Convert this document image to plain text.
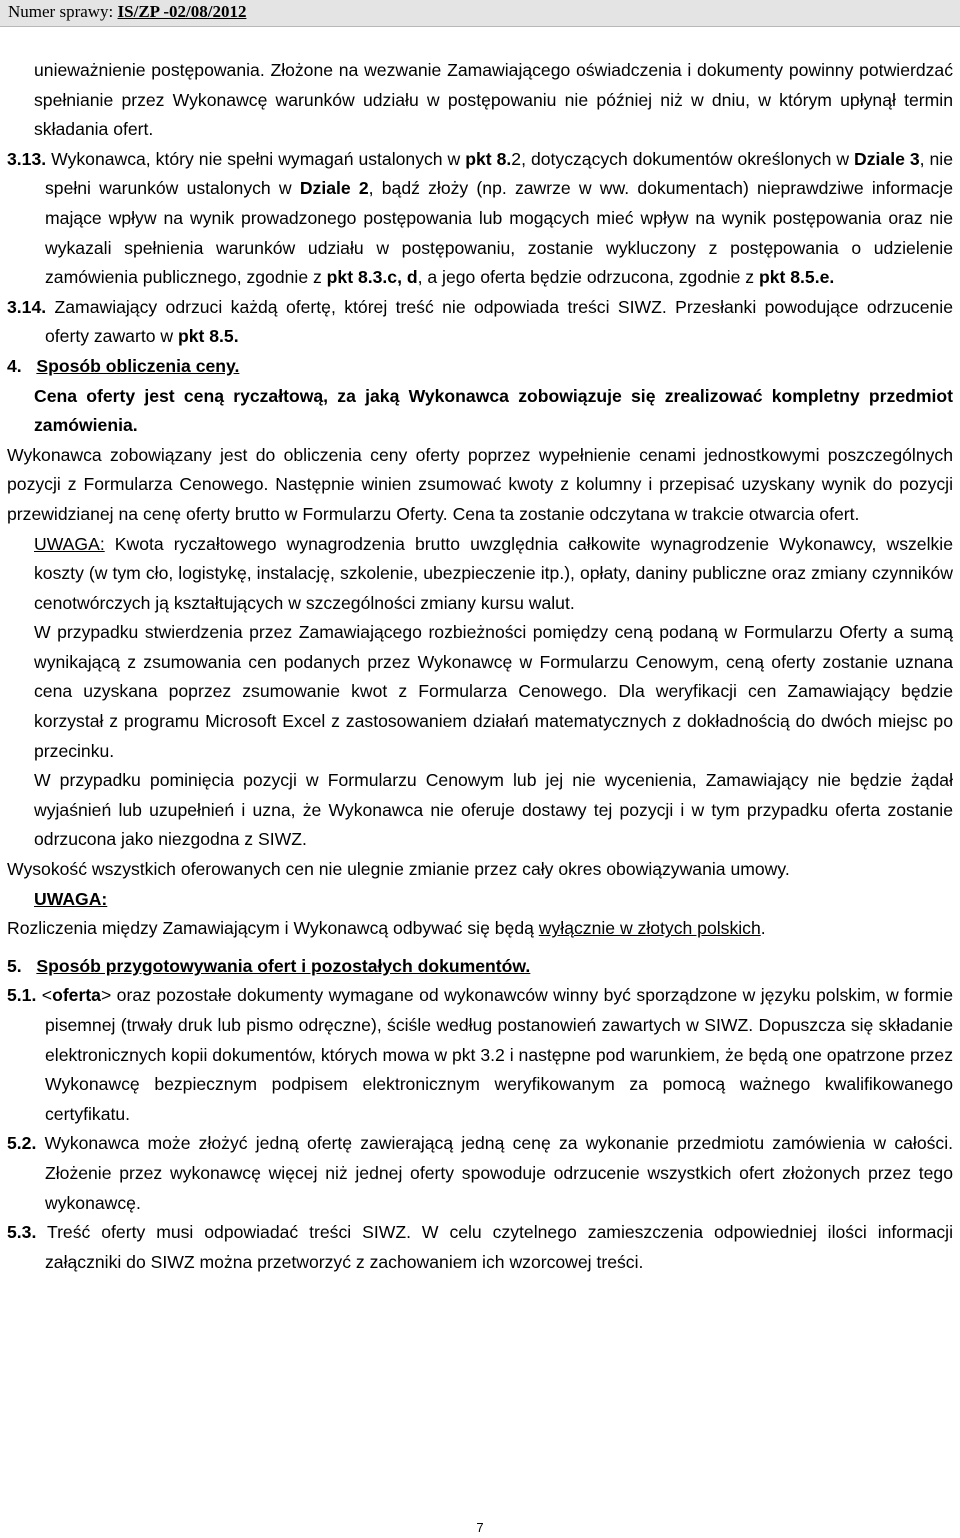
Numer sprawy: IS/ZP -02/08/2012

unieważnienie postępowania. Złożone na wezwanie Zamawiającego oświadczenia i dokumenty powinny potwierdzać spełnianie przez Wykonawcę warunków udziału w postępowaniu nie później niż w dniu, w którym upłynął termin składania ofert.

3.13. Wykonawca, który nie spełni wymagań ustalonych w pkt 8.2, dotyczących dokumentów określonych w Dziale 3, nie spełni warunków ustalonych w Dziale 2, bądź złoży (np. zawrze w ww. dokumentach) nieprawdziwe informacje mające wpływ na wynik prowadzonego postępowania lub mogących mieć wpływ na wynik postępowania oraz nie wykazali spełnienia warunków udziału w postępowaniu, zostanie wykluczony z postępowania o udzielenie zamówienia publicznego, zgodnie z pkt 8.3.c, d, a jego oferta będzie odrzucona, zgodnie z pkt 8.5.e.

3.14. Zamawiający odrzuci każdą ofertę, której treść nie odpowiada treści SIWZ. Przesłanki powodujące odrzucenie oferty zawarto w pkt 8.5.

4. Sposób obliczenia ceny.

Cena oferty jest ceną ryczałtową, za jaką Wykonawca zobowiązuje się zrealizować kompletny przedmiot zamówienia.

Wykonawca zobowiązany jest do obliczenia ceny oferty poprzez wypełnienie cenami jednostkowymi poszczególnych pozycji z Formularza Cenowego. Następnie winien zsumować kwoty z kolumny i przepisać uzyskany wynik do pozycji przewidzianej na cenę oferty brutto w Formularzu Oferty. Cena ta zostanie odczytana w trakcie otwarcia ofert.

UWAGA: Kwota ryczałtowego wynagrodzenia brutto uwzględnia całkowite wynagrodzenie Wykonawcy, wszelkie koszty (w tym cło, logistykę, instalację, szkolenie, ubezpieczenie itp.), opłaty, daniny publiczne oraz zmiany czynników cenotwórczych ją kształtujących w szczególności zmiany kursu walut.

W przypadku stwierdzenia przez Zamawiającego rozbieżności pomiędzy ceną podaną w Formularzu Oferty a sumą wynikającą z zsumowania cen podanych przez Wykonawcę w Formularzu Cenowym, ceną oferty zostanie uznana cena uzyskana poprzez zsumowanie kwot z Formularza Cenowego. Dla weryfikacji cen Zamawiający będzie korzystał z programu Microsoft Excel z zastosowaniem działań matematycznych z dokładnością do dwóch miejsc po przecinku.

W przypadku pominięcia pozycji w Formularzu Cenowym lub jej nie wycenienia, Zamawiający nie będzie żądał wyjaśnień lub uzupełnień i uzna, że Wykonawca nie oferuje dostawy tej pozycji i w tym przypadku oferta zostanie odrzucona jako niezgodna z SIWZ.

Wysokość wszystkich oferowanych cen nie ulegnie zmianie przez cały okres obowiązywania umowy.

UWAGA:

Rozliczenia między Zamawiającym i Wykonawcą odbywać się będą wyłącznie w złotych polskich.

5. Sposób przygotowywania ofert i pozostałych dokumentów.

5.1. <oferta> oraz pozostałe dokumenty wymagane od wykonawców winny być sporządzone w języku polskim, w formie pisemnej (trwały druk lub pismo odręczne), ściśle według postanowień zawartych w SIWZ. Dopuszcza się składanie elektronicznych kopii dokumentów, których mowa w pkt 3.2 i następne pod warunkiem, że będą one opatrzone przez Wykonawcę bezpiecznym podpisem elektronicznym weryfikowanym za pomocą ważnego kwalifikowanego certyfikatu.

5.2. Wykonawca może złożyć jedną ofertę zawierającą jedną cenę za wykonanie przedmiotu zamówienia w całości. Złożenie przez wykonawcę więcej niż jednej oferty spowoduje odrzucenie wszystkich ofert złożonych przez tego wykonawcę.

5.3. Treść oferty musi odpowiadać treści SIWZ. W celu czytelnego zamieszczenia odpowiedniej ilości informacji załączniki do SIWZ można przetworzyć z zachowaniem ich wzorcowej treści.

7
